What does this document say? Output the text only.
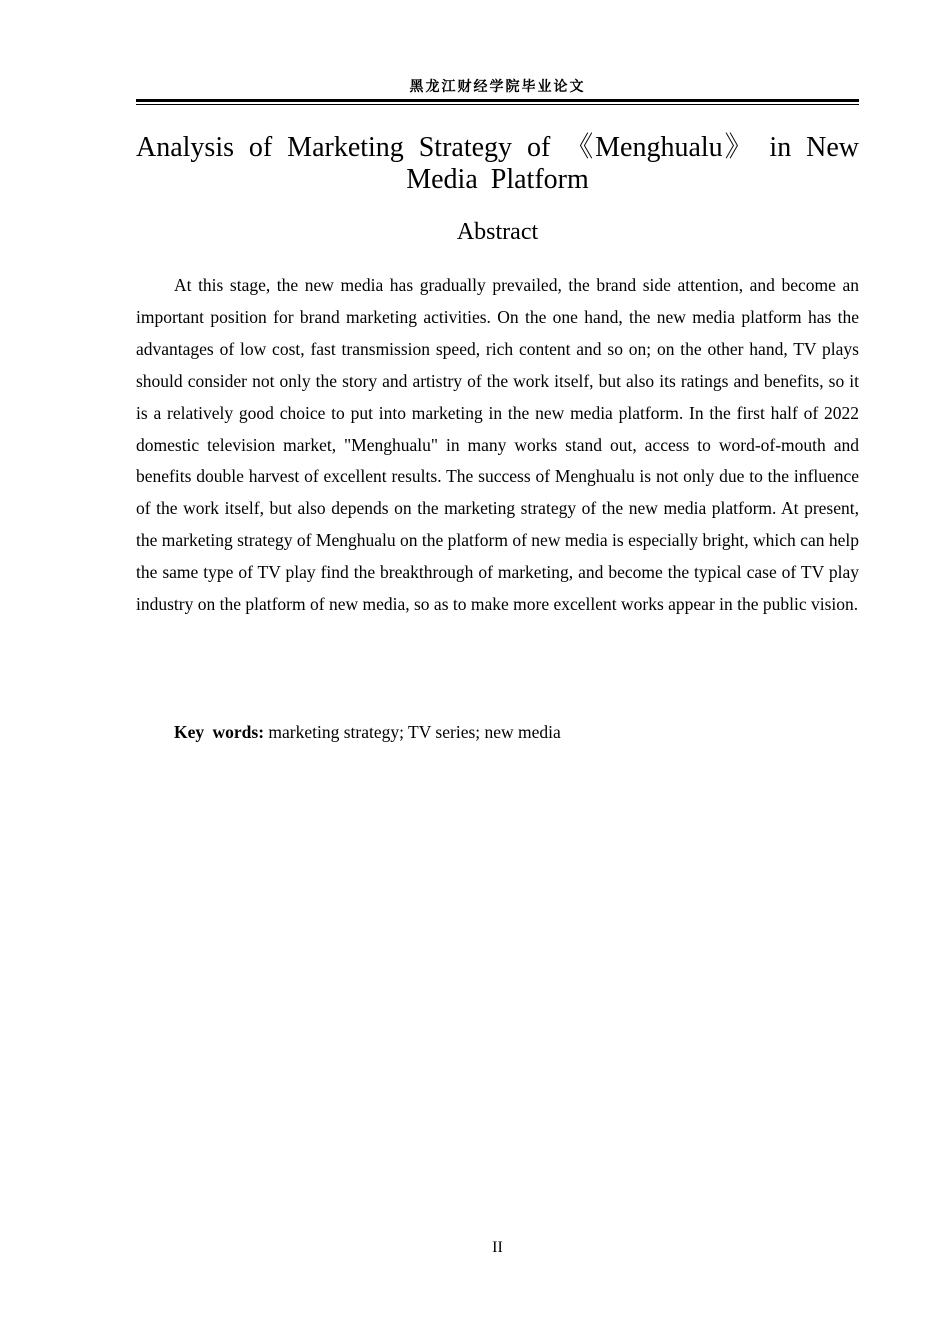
黑龙江财经学院毕业论文
Analysis of Marketing Strategy of 《Menghualu》 in New Media Platform
Abstract

At this stage, the new media has gradually prevailed, the brand side attention, and become an important position for brand marketing activities. On the one hand, the new media platform has the advantages of low cost, fast transmission speed, rich content and so on; on the other hand, TV plays should consider not only the story and artistry of the work itself, but also its ratings and benefits, so it is a relatively good choice to put into marketing in the new media platform. In the first half of 2022 domestic television market, "Menghualu" in many works stand out, access to word-of-mouth and benefits double harvest of excellent results. The success of Menghualu is not only due to the influence of the work itself, but also depends on the marketing strategy of the new media platform. At present, the marketing strategy of Menghualu on the platform of new media is especially bright, which can help the same type of TV play find the breakthrough of marketing, and become the typical case of TV play industry on the platform of new media, so as to make more excellent works appear in the public vision.

Key words: marketing strategy; TV series; new media
II
